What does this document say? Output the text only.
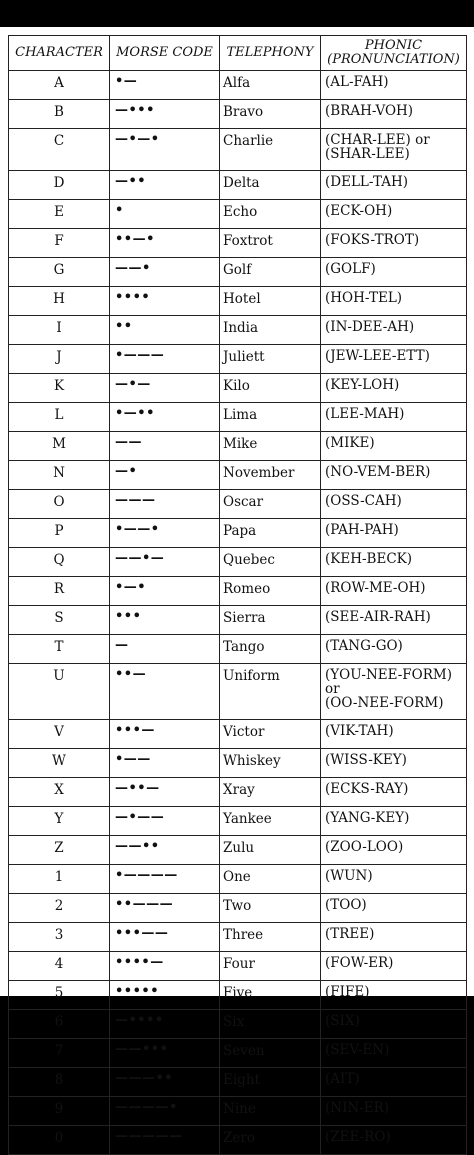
CHARACTER	MORSE CODE	TELEPHONY	PHONIC (PRONUNCIATION)
A	•—	Alfa	(AL-FAH)

B	—•••	Bravo	(BRAH-VOH)

C	—•—•	Charlie	(CHAR-LEE) or
(SHAR-LEE)

D	—••	Delta	(DELL-TAH)

E	•	Echo	(ECK-OH)

F	••—•	Foxtrot	(FOKS-TROT)

G	——•	Golf	(GOLF)

H	••••	Hotel	(HOH-TEL)

I	••	India	(IN-DEE-AH)

J	•———	Juliett	(JEW-LEE-ETT)

K	—•—	Kilo	(KEY-LOH)

L	•—••	Lima	(LEE-MAH)

M	——	Mike	(MIKE)

N	—•	November	(NO-VEM-BER)

O	———	Oscar	(OSS-CAH)

P	•——•	Papa	(PAH-PAH)

Q	——•—	Quebec	(KEH-BECK)

R	•—•	Romeo	(ROW-ME-OH)

S	•••	Sierra	(SEE-AIR-RAH)

T	—	Tango	(TANG-GO)

U	••—	Uniform	(YOU-NEE-FORM)
or
(OO-NEE-FORM)

V	•••—	Victor	(VIK-TAH)

W	•——	Whiskey	(WISS-KEY)

X	—••—	Xray	(ECKS-RAY)

Y	—•——	Yankee	(YANG-KEY)

Z	——••	Zulu	(ZOO-LOO)

1	•————	One	(WUN)

2	••———	Two	(TOO)

3	•••——	Three	(TREE)

4	••••—	Four	(FOW-ER)

5	•••••	Five	(FIFE)

6	—••••	Six	(SIX)

7	——•••	Seven	(SEV-EN)

8	———••	Eight	(AIT)

9	————•	Nine	(NIN-ER)

0	—————	Zero	(ZEE-RO)
